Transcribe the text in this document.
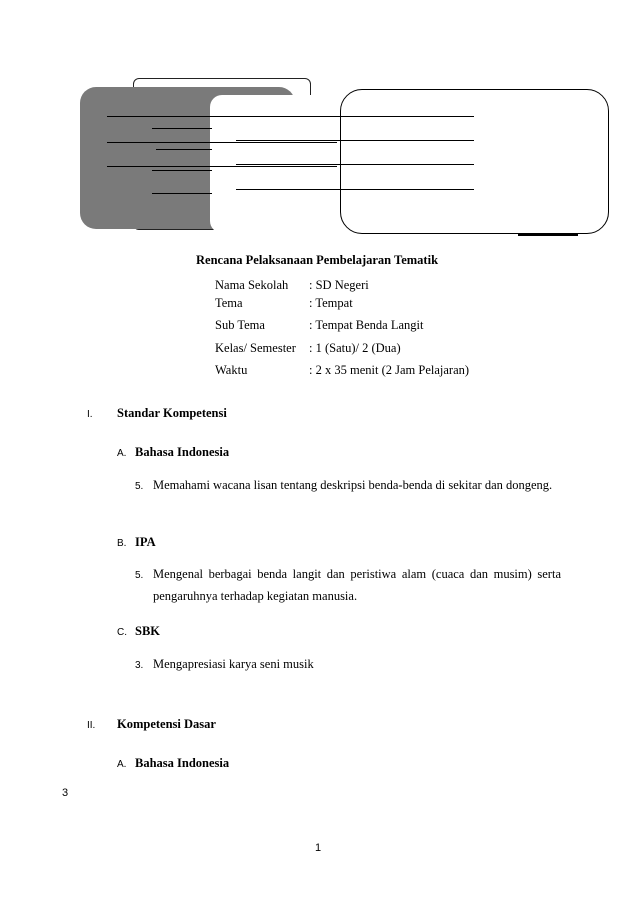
Rencana Pelaksanaan Pembelajaran Tematik
Nama Sekolah : SD Negeri
Tema	: Tempat
Sub Tema	: Tempat Benda Langit
Kelas/ Semester : 1 (Satu)/ 2 (Dua)
Waktu	: 2 x 35 menit (2 Jam Pelajaran)
I. Standar Kompetensi
A. Bahasa Indonesia
5. Memahami wacana lisan tentang deskripsi benda-benda di sekitar dan dongeng.
B. IPA
5. Mengenal berbagai benda langit dan peristiwa alam (cuaca dan musim) serta pengaruhnya terhadap kegiatan manusia.
C. SBK
3. Mengapresiasi karya seni musik
II. Kompetensi Dasar
A. Bahasa Indonesia
3
1
